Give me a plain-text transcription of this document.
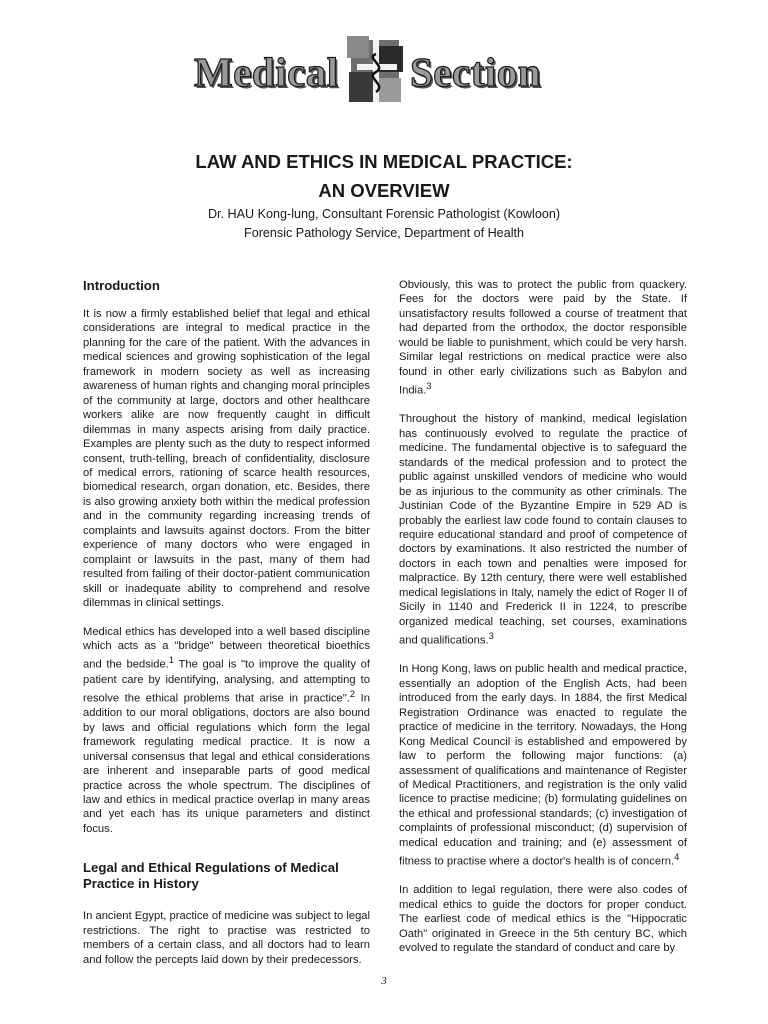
Medical Section
LAW AND ETHICS IN MEDICAL PRACTICE:
AN OVERVIEW
Dr. HAU Kong-lung, Consultant Forensic Pathologist (Kowloon)
Forensic Pathology Service, Department of Health
Introduction

It is now a firmly established belief that legal and ethical considerations are integral to medical practice in the planning for the care of the patient. With the advances in medical sciences and growing sophistication of the legal framework in modern society as well as increasing awareness of human rights and changing moral principles of the community at large, doctors and other healthcare workers alike are now frequently caught in difficult dilemmas in many aspects arising from daily practice. Examples are plenty such as the duty to respect informed consent, truth-telling, breach of confidentiality, disclosure of medical errors, rationing of scarce health resources, biomedical research, organ donation, etc. Besides, there is also growing anxiety both within the medical profession and in the community regarding increasing trends of complaints and lawsuits against doctors. From the bitter experience of many doctors who were engaged in complaint or lawsuits in the past, many of them had resulted from failing of their doctor-patient communication skill or inadequate ability to comprehend and resolve dilemmas in clinical settings.

Medical ethics has developed into a well based discipline which acts as a "bridge" between theoretical bioethics and the bedside.$^1$ The goal is "to improve the quality of patient care by identifying, analysing, and attempting to resolve the ethical problems that arise in practice".$^2$ In addition to our moral obligations, doctors are also bound by laws and official regulations which form the legal framework regulating medical practice. It is now a universal consensus that legal and ethical considerations are inherent and inseparable parts of good medical practice across the whole spectrum. The disciplines of law and ethics in medical practice overlap in many areas and yet each has its unique parameters and distinct focus.

Legal and Ethical Regulations of Medical Practice in History

In ancient Egypt, practice of medicine was subject to legal restrictions. The right to practise was restricted to members of a certain class, and all doctors had to learn and follow the percepts laid down by their predecessors.

Obviously, this was to protect the public from quackery. Fees for the doctors were paid by the State. If unsatisfactory results followed a course of treatment that had departed from the orthodox, the doctor responsible would be liable to punishment, which could be very harsh. Similar legal restrictions on medical practice were also found in other early civilizations such as Babylon and India.$^3$

Throughout the history of mankind, medical legislation has continuously evolved to regulate the practice of medicine. The fundamental objective is to safeguard the standards of the medical profession and to protect the public against unskilled vendors of medicine who would be as injurious to the community as other criminals. The Justinian Code of the Byzantine Empire in 529 AD is probably the earliest law code found to contain clauses to require educational standard and proof of competence of doctors by examinations. It also restricted the number of doctors in each town and penalties were imposed for malpractice. By 12th century, there were well established medical legislations in Italy, namely the edict of Roger II of Sicily in 1140 and Frederick II in 1224, to prescribe organized medical teaching, set courses, examinations and qualifications.$^3$

In Hong Kong, laws on public health and medical practice, essentially an adoption of the English Acts, had been introduced from the early days. In 1884, the first Medical Registration Ordinance was enacted to regulate the practice of medicine in the territory. Nowadays, the Hong Kong Medical Council is established and empowered by law to perform the following major functions: (a) assessment of qualifications and maintenance of Register of Medical Practitioners, and registration is the only valid licence to practise medicine; (b) formulating guidelines on the ethical and professional standards; (c) investigation of complaints of professional misconduct; (d) supervision of medical education and training; and (e) assessment of fitness to practise where a doctor's health is of concern.$^4$

In addition to legal regulation, there were also codes of medical ethics to guide the doctors for proper conduct. The earliest code of medical ethics is the "Hippocratic Oath" originated in Greece in the 5th century BC, which evolved to regulate the standard of conduct and care by

3
